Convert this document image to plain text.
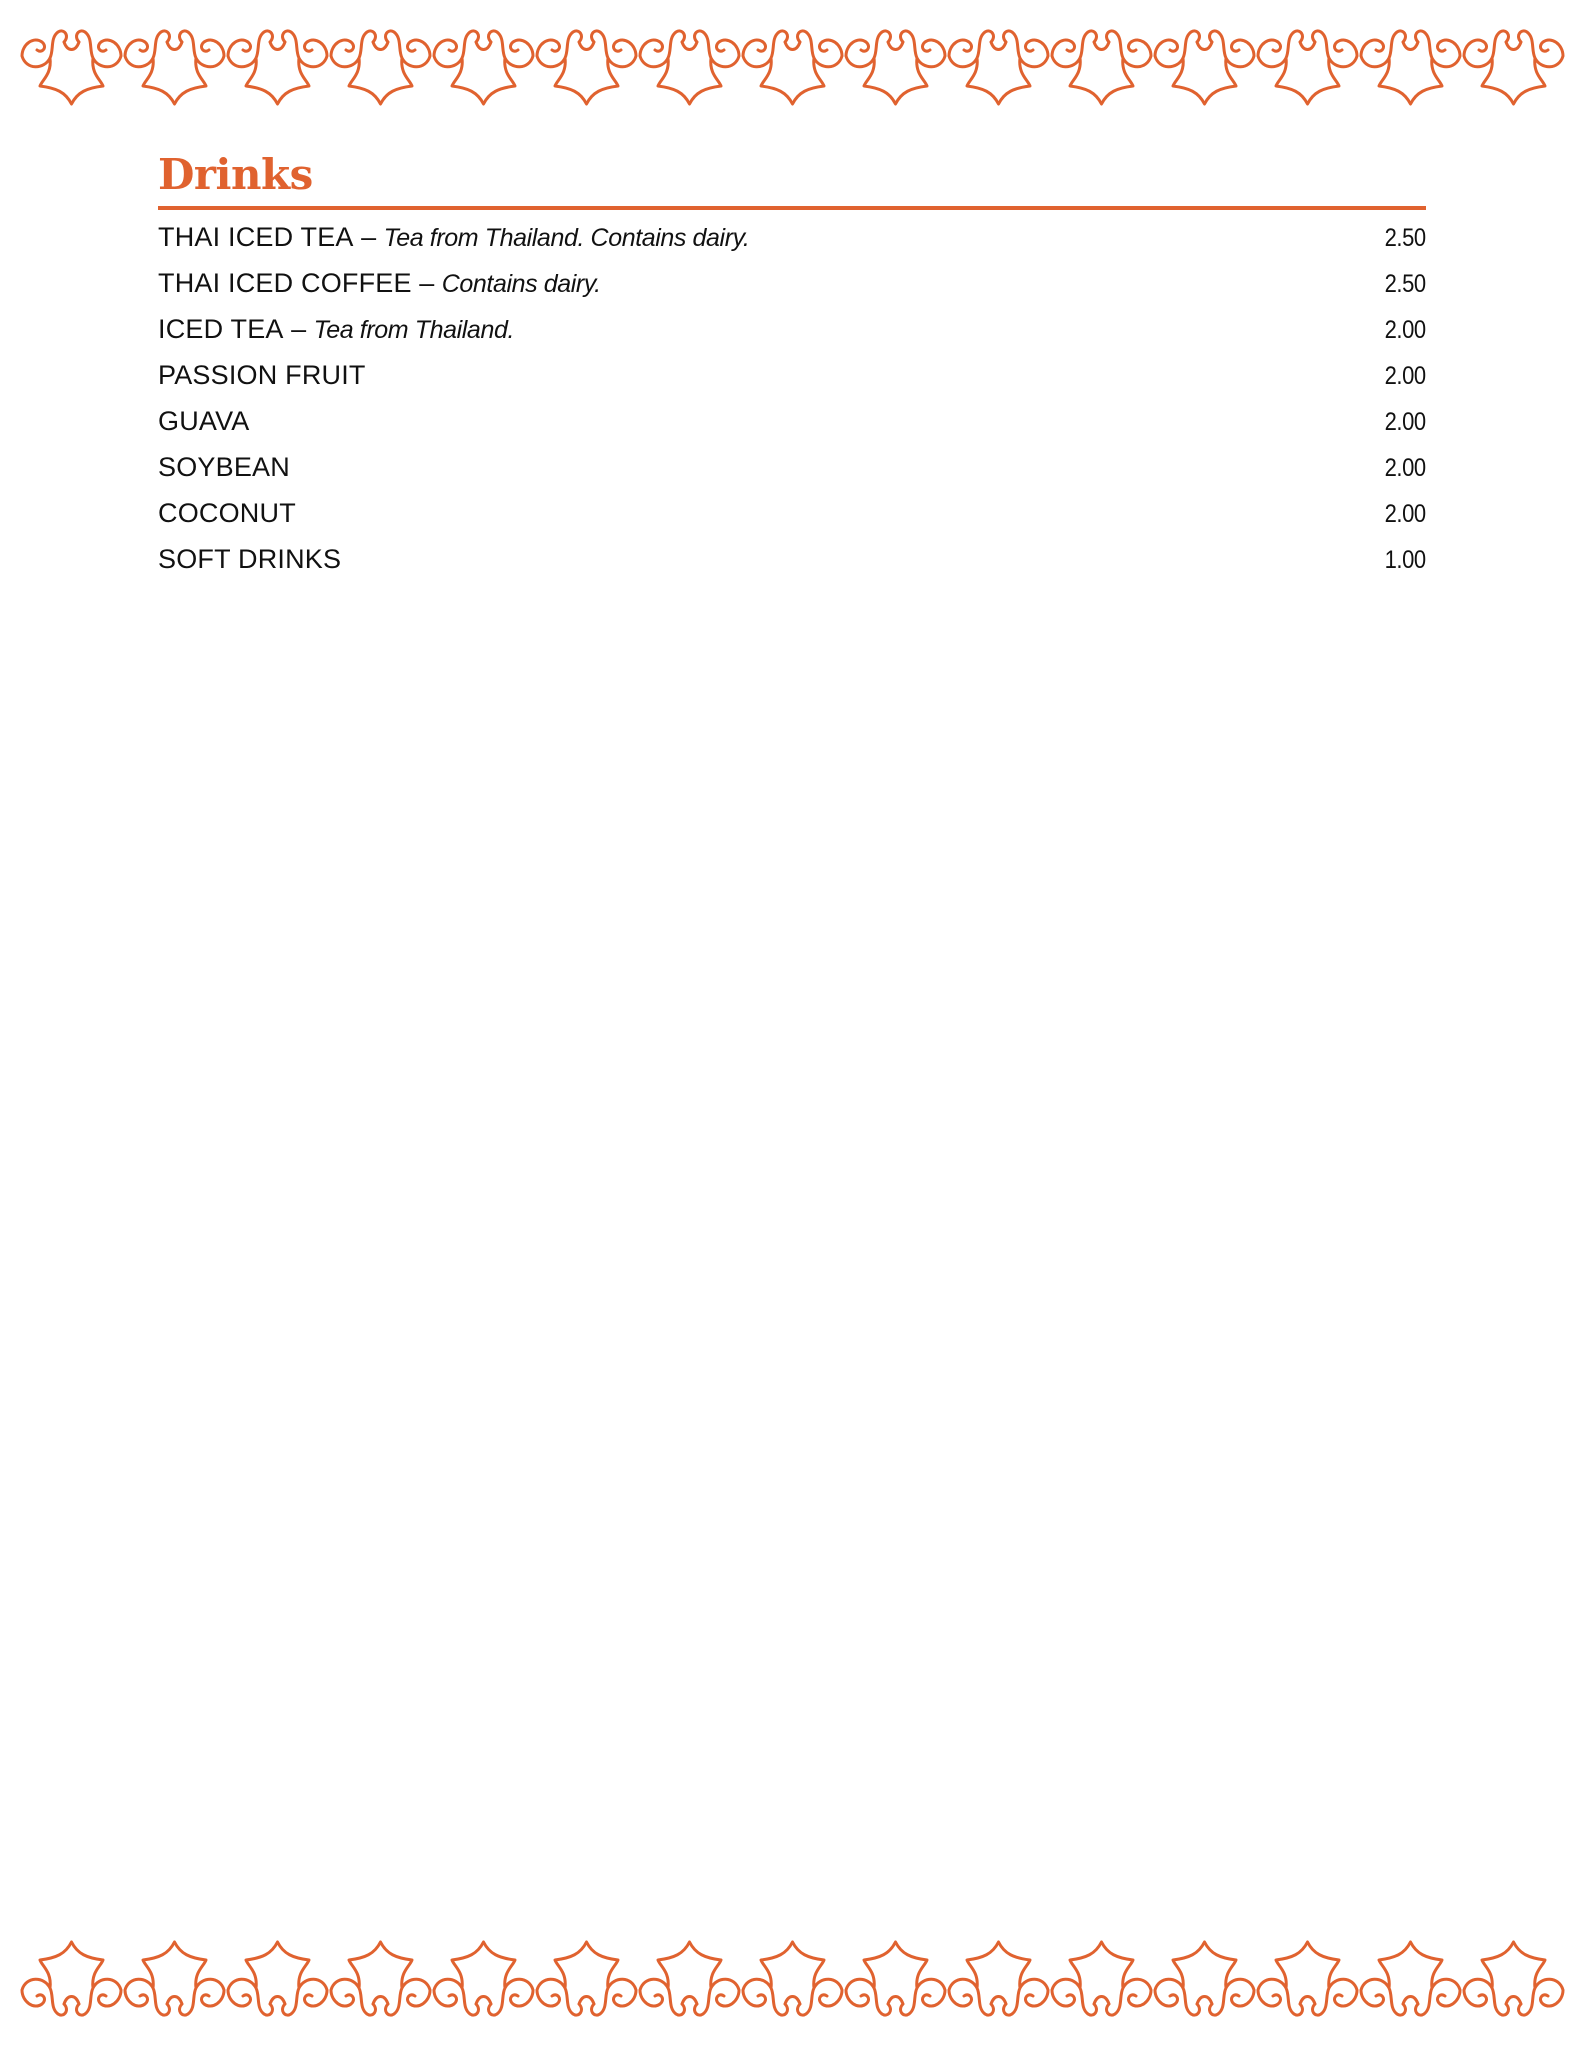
Drinks
THAI ICED TEA – Tea from Thailand. Contains dairy.	2.50
THAI ICED COFFEE – Contains dairy.	2.50
ICED TEA – Tea from Thailand.	2.00
PASSION FRUIT	2.00
GUAVA	2.00
SOYBEAN	2.00
COCONUT	2.00
SOFT DRINKS	1.00
